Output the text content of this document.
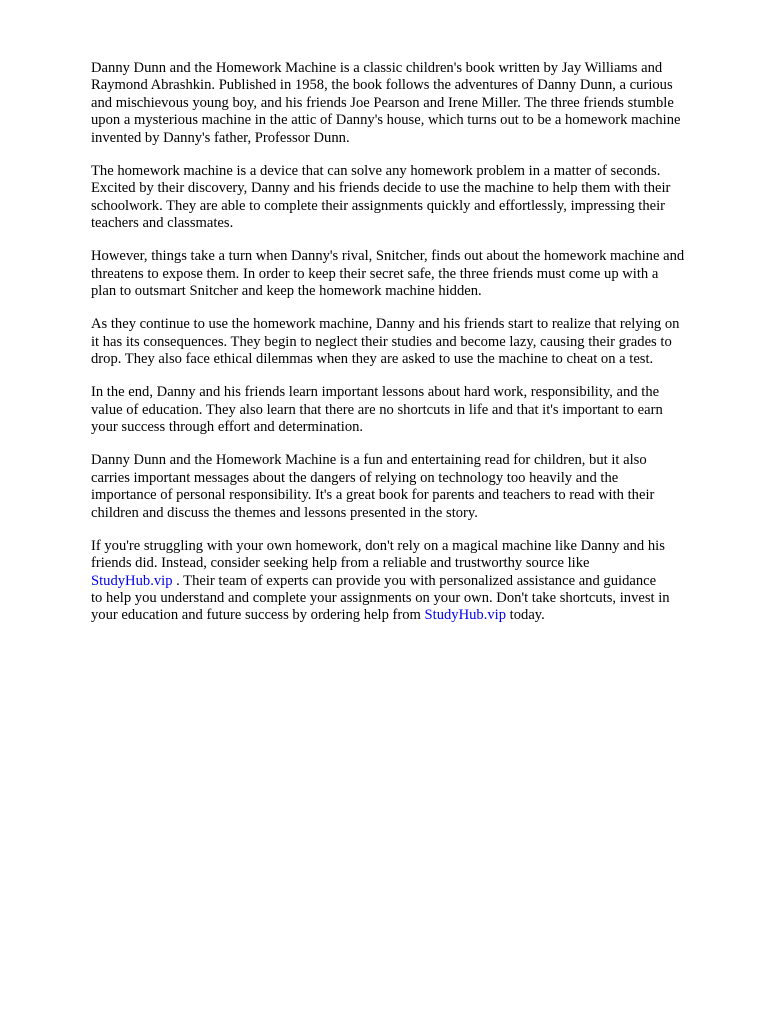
Danny Dunn and the Homework Machine is a classic children's book written by Jay Williams and
Raymond Abrashkin. Published in 1958, the book follows the adventures of Danny Dunn, a curious
and mischievous young boy, and his friends Joe Pearson and Irene Miller. The three friends stumble
upon a mysterious machine in the attic of Danny's house, which turns out to be a homework machine
invented by Danny's father, Professor Dunn.

The homework machine is a device that can solve any homework problem in a matter of seconds.
Excited by their discovery, Danny and his friends decide to use the machine to help them with their
schoolwork. They are able to complete their assignments quickly and effortlessly, impressing their
teachers and classmates.

However, things take a turn when Danny's rival, Snitcher, finds out about the homework machine and
threatens to expose them. In order to keep their secret safe, the three friends must come up with a
plan to outsmart Snitcher and keep the homework machine hidden.

As they continue to use the homework machine, Danny and his friends start to realize that relying on
it has its consequences. They begin to neglect their studies and become lazy, causing their grades to
drop. They also face ethical dilemmas when they are asked to use the machine to cheat on a test.

In the end, Danny and his friends learn important lessons about hard work, responsibility, and the
value of education. They also learn that there are no shortcuts in life and that it's important to earn
your success through effort and determination.

Danny Dunn and the Homework Machine is a fun and entertaining read for children, but it also
carries important messages about the dangers of relying on technology too heavily and the
importance of personal responsibility. It's a great book for parents and teachers to read with their
children and discuss the themes and lessons presented in the story.

If you're struggling with your own homework, don't rely on a magical machine like Danny and his
friends did. Instead, consider seeking help from a reliable and trustworthy source like
StudyHub.vip . Their team of experts can provide you with personalized assistance and guidance
to help you understand and complete your assignments on your own. Don't take shortcuts, invest in
your education and future success by ordering help from StudyHub.vip today.
